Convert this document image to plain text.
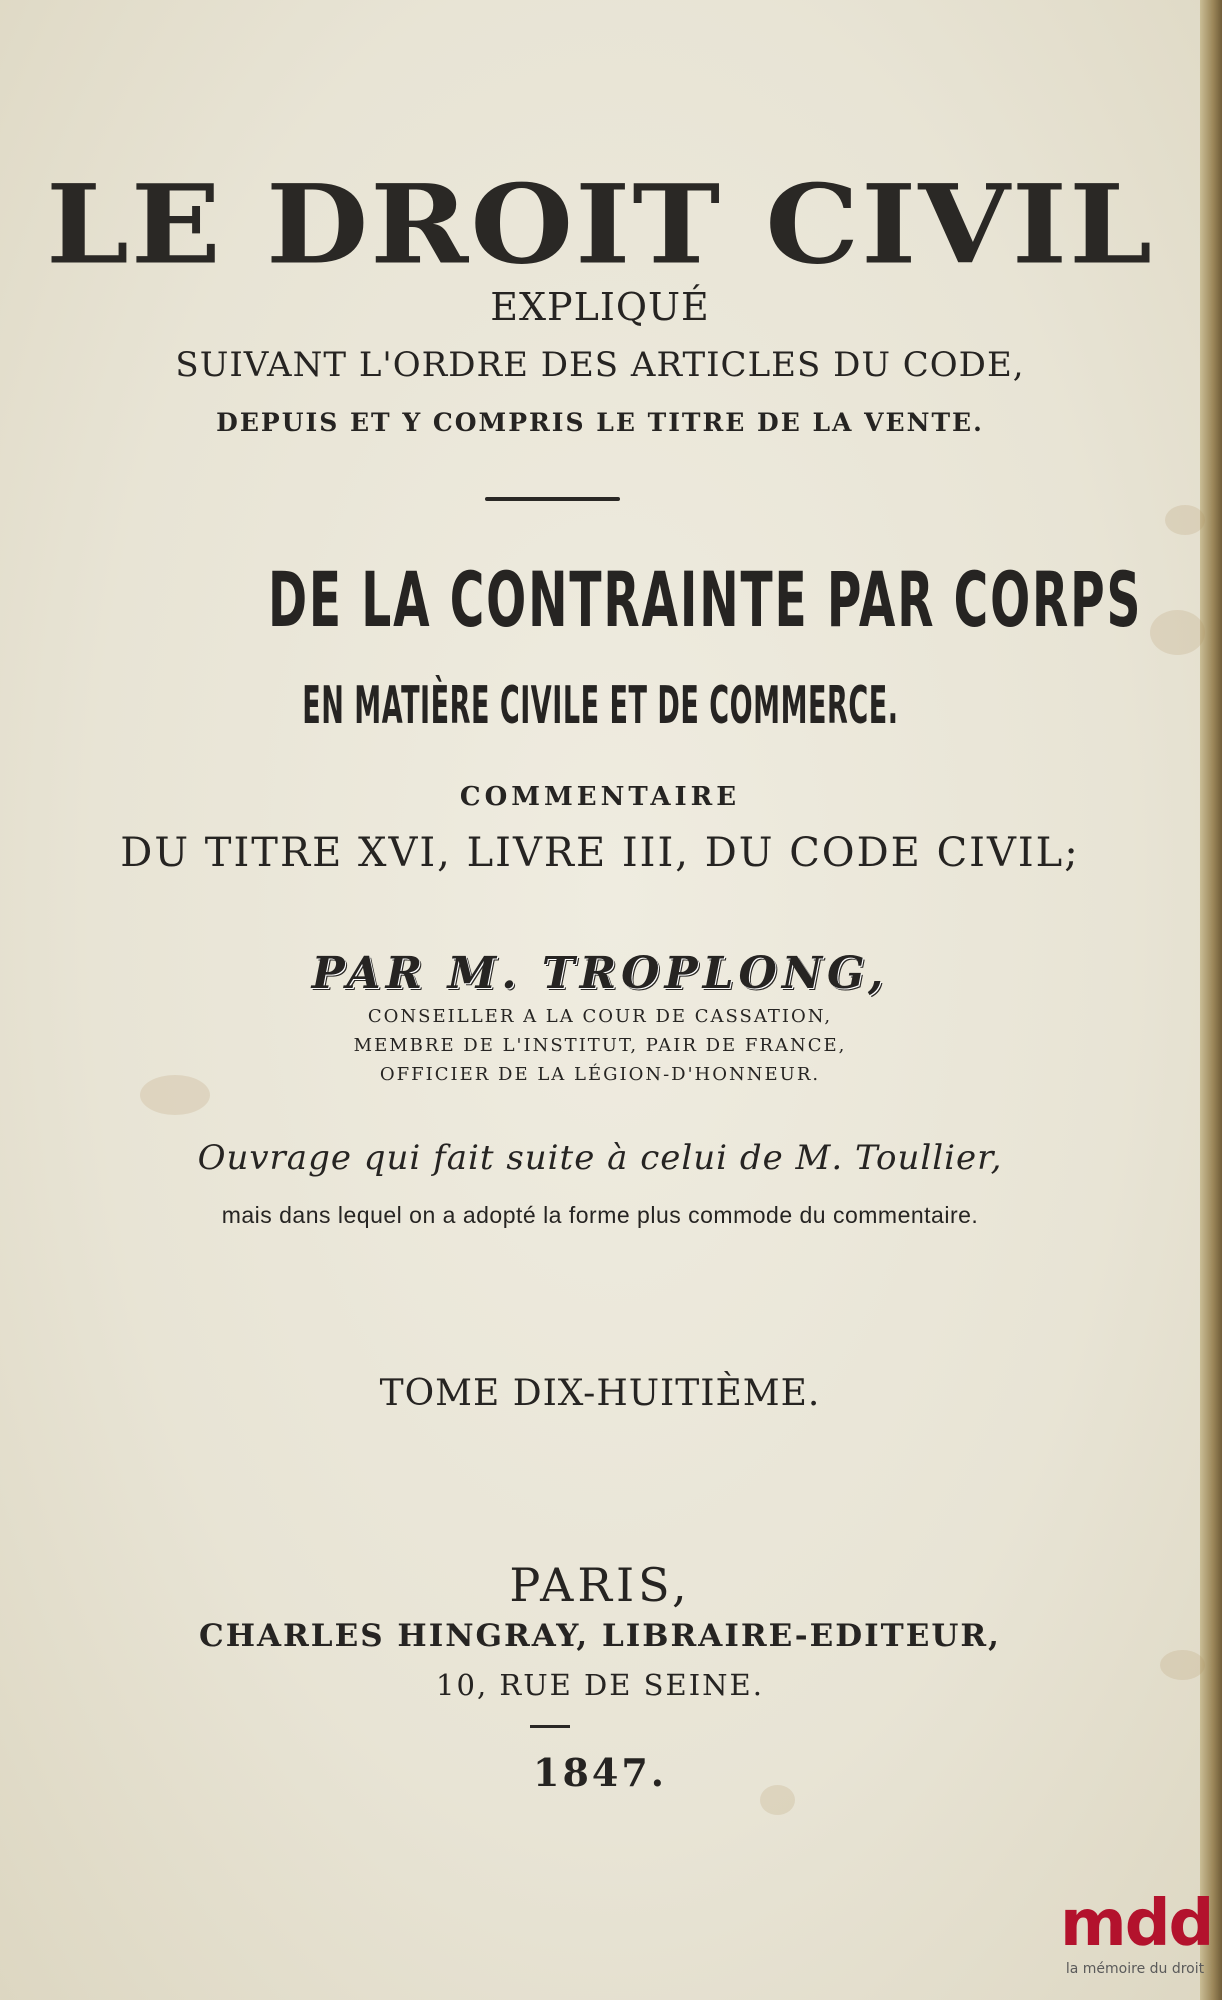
LE DROIT CIVIL
EXPLIQUÉ
SUIVANT L'ORDRE DES ARTICLES DU CODE,
DEPUIS ET Y COMPRIS LE TITRE DE LA VENTE.
DE LA CONTRAINTE PAR CORPS
EN MATIÈRE CIVILE ET DE COMMERCE.
COMMENTAIRE
DU TITRE XVI, LIVRE III, DU CODE CIVIL;
PAR M. TROPLONG,
CONSEILLER A LA COUR DE CASSATION,
MEMBRE DE L'INSTITUT, PAIR DE FRANCE,
OFFICIER DE LA LÉGION-D'HONNEUR.
Ouvrage qui fait suite à celui de M. Toullier,
mais dans lequel on a adopté la forme plus commode du commentaire.
TOME DIX-HUITIÈME.
PARIS,
CHARLES HINGRAY, LIBRAIRE-EDITEUR,
10, RUE DE SEINE.
1847.
mdd
la mémoire du droit
